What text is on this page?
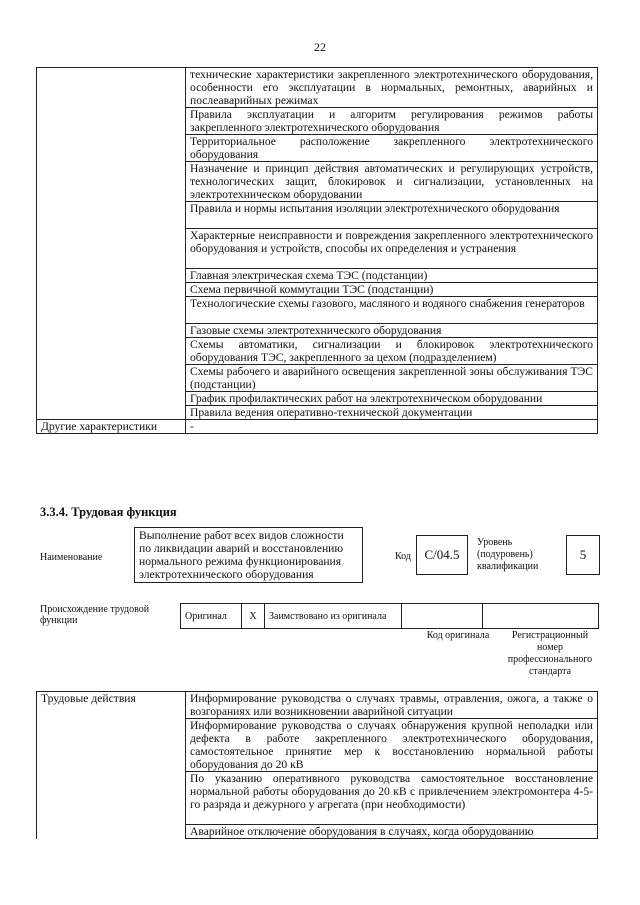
22
	технические характеристики закрепленного электротехнического оборудования, особенности его эксплуатации в нормальных, ремонтных, аварийных и послеаварийных режимах
	Правила эксплуатации и алгоритм регулирования режимов работы закрепленного электротехнического оборудования
	Территориальное расположение закрепленного электротехнического оборудования
	Назначение и принцип действия автоматических и регулирующих устройств, технологических защит, блокировок и сигнализации, установленных на электротехническом оборудовании
	Правила и нормы испытания изоляции электротехнического оборудования
	Характерные неисправности и повреждения закрепленного электротехнического оборудования и устройств, способы их определения и устранения
	Главная электрическая схема ТЭС (подстанции)
	Схема первичной коммутации ТЭС (подстанции)
	Технологические схемы газового, масляного и водяного снабжения генераторов
	Газовые схемы электротехнического оборудования
	Схемы автоматики, сигнализации и блокировок электротехнического оборудования ТЭС, закрепленного за цехом (подразделением)
	Схемы рабочего и аварийного освещения закрепленной зоны обслуживания ТЭС (подстанции)
	График профилактических работ на электротехническом оборудовании
	Правила ведения оперативно-технической документации
Другие характеристики	-
3.3.4. Трудовая функция
Наименование
Выполнение работ всех видов сложности по ликвидации аварий и восстановлению нормального режима функционирования электротехнического оборудования
Код	C/04.5
Уровень (подуровень) квалификации
5
Происхождение трудовой функции	Оригинал	X	Заимствовано из оригинала		
Код оригинала	Регистрационный номер профессионального стандарта
Трудовые действия	Информирование руководства о случаях травмы, отравления, ожога, а также о возгораниях или возникновении аварийной ситуации
Информирование руководства о случаях обнаружения крупной неполадки или дефекта в работе закрепленного электротехнического оборудования, самостоятельное принятие мер к восстановлению нормальной работы оборудования до 20 кВ
По указанию оперативного руководства самостоятельное восстановление нормальной работы оборудования до 20 кВ с привлечением электромонтера 4-5-го разряда и дежурного у агрегата (при необходимости)
Аварийное отключение оборудования в случаях, когда оборудованию
